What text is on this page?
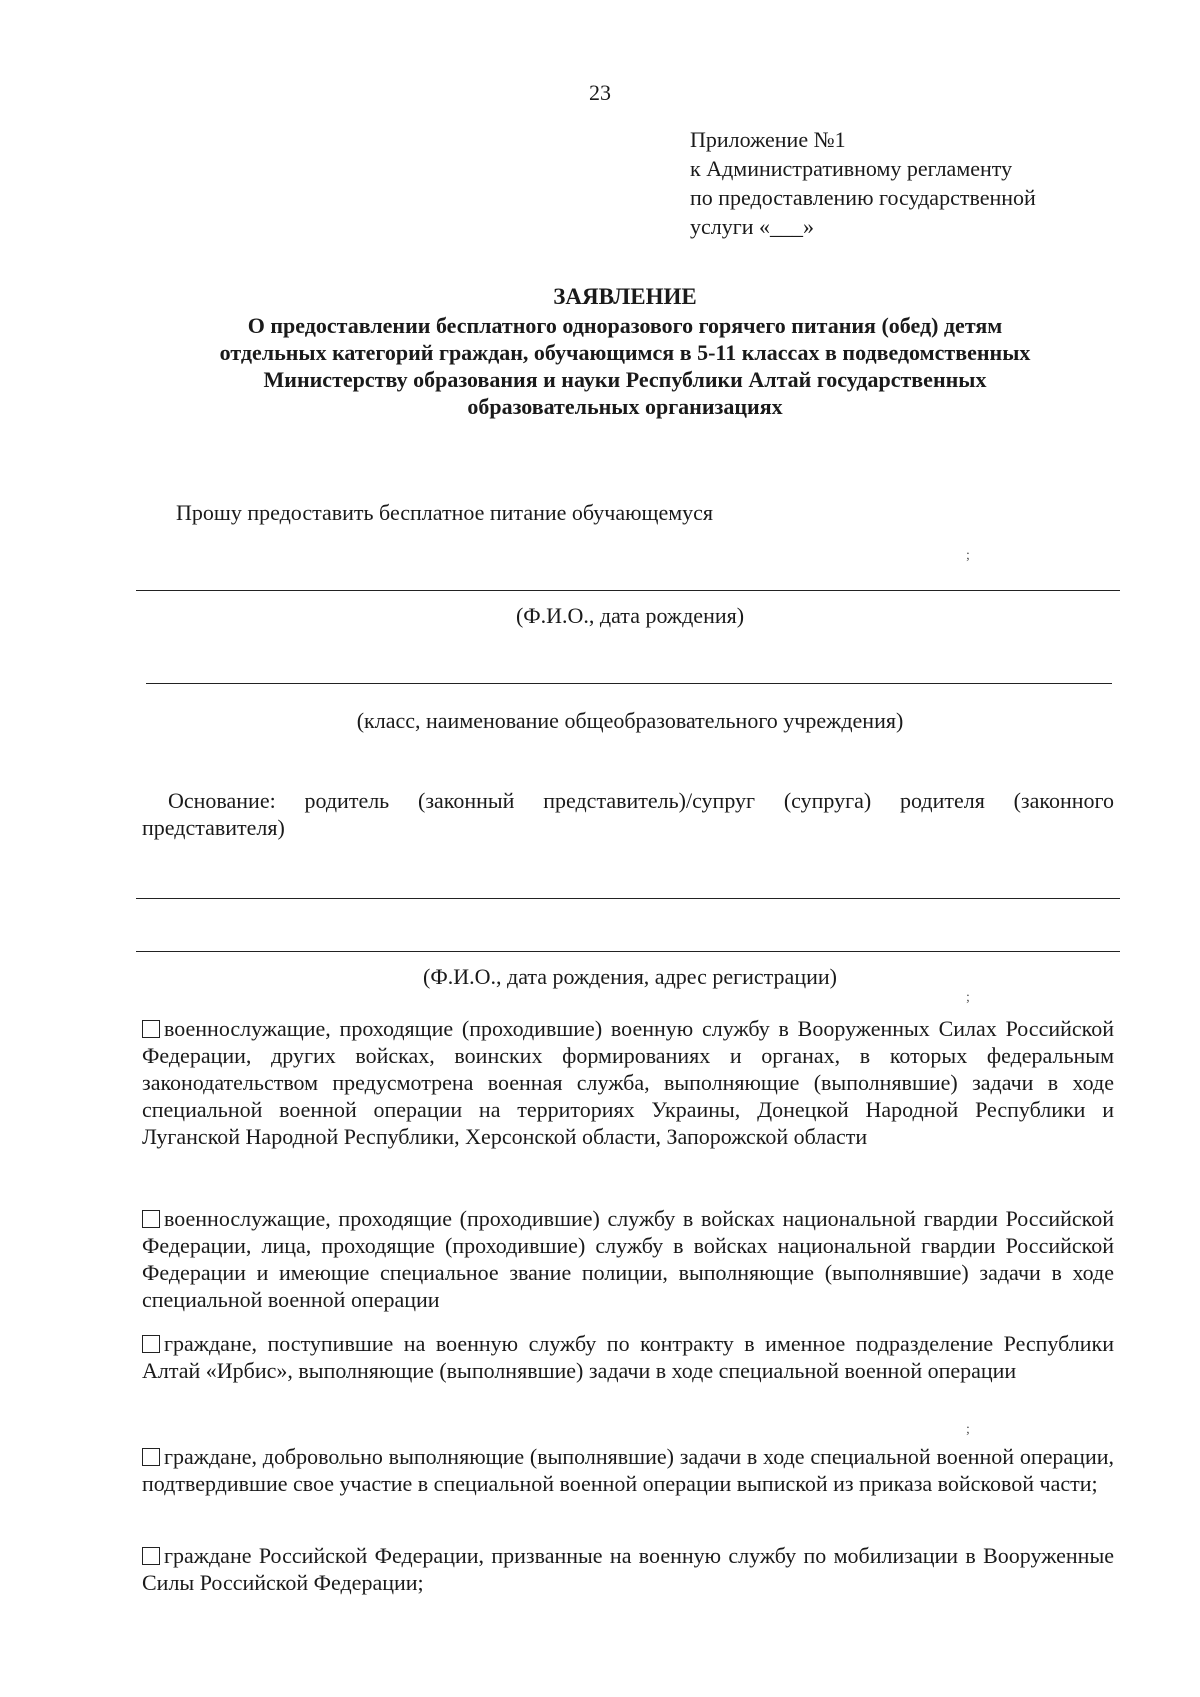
23
Приложение №1
к Административному регламенту
по предоставлению государственной
услуги «___»
ЗАЯВЛЕНИЕ
О предоставлении бесплатного одноразового горячего питания (обед) детям
отдельных категорий граждан, обучающимся в 5-11 классах в подведомственных
Министерству образования и науки Республики Алтай государственных
образовательных организациях
Прошу предоставить бесплатное питание обучающемуся
;
(Ф.И.О., дата рождения)
(класс, наименование общеобразовательного учреждения)
Основание: родитель (законный представитель)/супруг (супруга) родителя (законного представителя)
(Ф.И.О., дата рождения, адрес регистрации)
;
военнослужащие, проходящие (проходившие) военную службу в Вооруженных Силах Российской Федерации, других войсках, воинских формированиях и органах, в которых федеральным законодательством предусмотрена военная служба, выполняющие (выполнявшие) задачи в ходе специальной военной операции на территориях Украины, Донецкой Народной Республики и Луганской Народной Республики, Херсонской области, Запорожской области
военнослужащие, проходящие (проходившие) службу в войсках национальной гвардии Российской Федерации, лица, проходящие (проходившие) службу в войсках национальной гвардии Российской Федерации и имеющие специальное звание полиции, выполняющие (выполнявшие) задачи в ходе специальной военной операции
граждане, поступившие на военную службу по контракту в именное подразделение Республики Алтай «Ирбис», выполняющие (выполнявшие) задачи в ходе специальной военной операции
;
граждане, добровольно выполняющие (выполнявшие) задачи в ходе специальной военной операции, подтвердившие свое участие в специальной военной операции выпиской из приказа войсковой части;
граждане Российской Федерации, призванные на военную службу по мобилизации в Вооруженные Силы Российской Федерации;
